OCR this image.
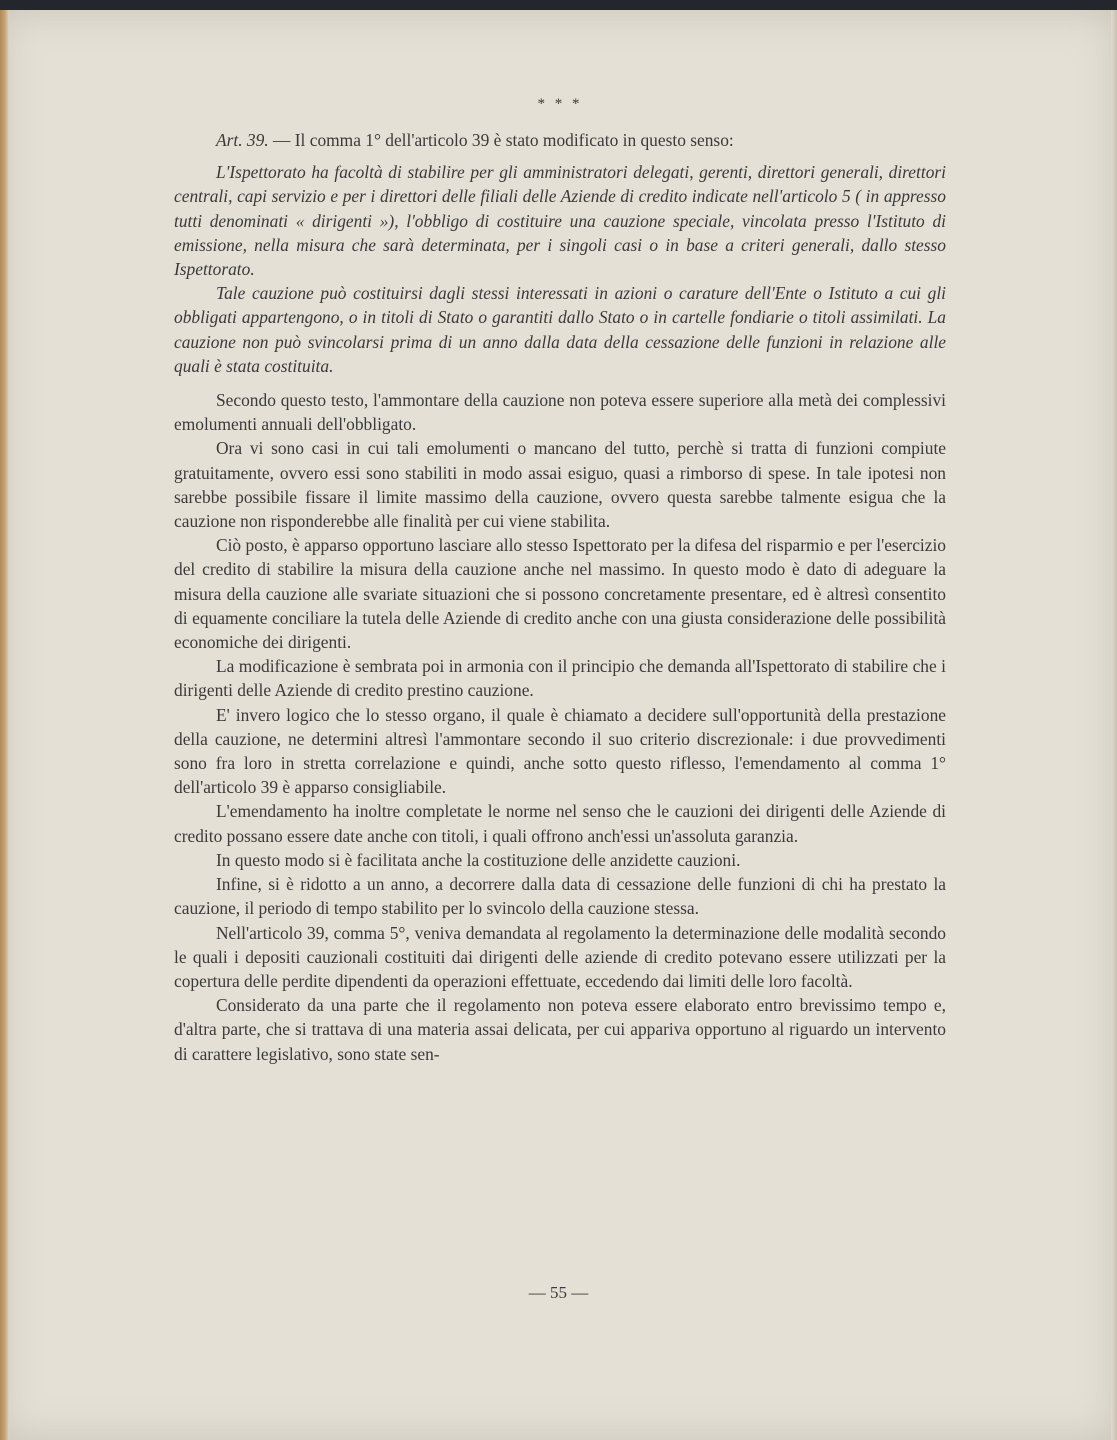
* * *

Art. 39. — Il comma 1° dell'articolo 39 è stato modificato in questo senso:

L'Ispettorato ha facoltà di stabilire per gli amministratori delegati, gerenti, direttori generali, direttori centrali, capi servizio e per i direttori delle filiali delle Aziende di credito indicate nell'articolo 5 ( in appresso tutti denominati « dirigenti »), l'obbligo di costituire una cauzione speciale, vincolata presso l'Istituto di emissione, nella misura che sarà determinata, per i singoli casi o in base a criteri generali, dallo stesso Ispettorato.

Tale cauzione può costituirsi dagli stessi interessati in azioni o carature dell'Ente o Istituto a cui gli obbligati appartengono, o in titoli di Stato o garantiti dallo Stato o in cartelle fondiarie o titoli assimilati. La cauzione non può svincolarsi prima di un anno dalla data della cessazione delle funzioni in relazione alle quali è stata costituita.

Secondo questo testo, l'ammontare della cauzione non poteva essere superiore alla metà dei complessivi emolumenti annuali dell'obbligato.

Ora vi sono casi in cui tali emolumenti o mancano del tutto, perchè si tratta di funzioni compiute gratuitamente, ovvero essi sono stabiliti in modo assai esiguo, quasi a rimborso di spese. In tale ipotesi non sarebbe possibile fissare il limite massimo della cauzione, ovvero questa sarebbe talmente esigua che la cauzione non risponderebbe alle finalità per cui viene stabilita.

Ciò posto, è apparso opportuno lasciare allo stesso Ispettorato per la difesa del risparmio e per l'esercizio del credito di stabilire la misura della cauzione anche nel massimo. In questo modo è dato di adeguare la misura della cauzione alle svariate situazioni che si possono concretamente presentare, ed è altresì consentito di equamente conciliare la tutela delle Aziende di credito anche con una giusta considerazione delle possibilità economiche dei dirigenti.

La modificazione è sembrata poi in armonia con il principio che demanda all'Ispettorato di stabilire che i dirigenti delle Aziende di credito prestino cauzione.

E' invero logico che lo stesso organo, il quale è chiamato a decidere sull'opportunità della prestazione della cauzione, ne determini altresì l'ammontare secondo il suo criterio discrezionale: i due provvedimenti sono fra loro in stretta correlazione e quindi, anche sotto questo riflesso, l'emendamento al comma 1° dell'articolo 39 è apparso consigliabile.

L'emendamento ha inoltre completate le norme nel senso che le cauzioni dei dirigenti delle Aziende di credito possano essere date anche con titoli, i quali offrono anch'essi un'assoluta garanzia.

In questo modo si è facilitata anche la costituzione delle anzidette cauzioni.

Infine, si è ridotto a un anno, a decorrere dalla data di cessazione delle funzioni di chi ha prestato la cauzione, il periodo di tempo stabilito per lo svincolo della cauzione stessa.

Nell'articolo 39, comma 5°, veniva demandata al regolamento la determinazione delle modalità secondo le quali i depositi cauzionali costituiti dai dirigenti delle aziende di credito potevano essere utilizzati per la copertura delle perdite dipendenti da operazioni effettuate, eccedendo dai limiti delle loro facoltà.

Considerato da una parte che il regolamento non poteva essere elaborato entro brevissimo tempo e, d'altra parte, che si trattava di una materia assai delicata, per cui appariva opportuno al riguardo un intervento di carattere legislativo, sono state sen-

— 55 —
